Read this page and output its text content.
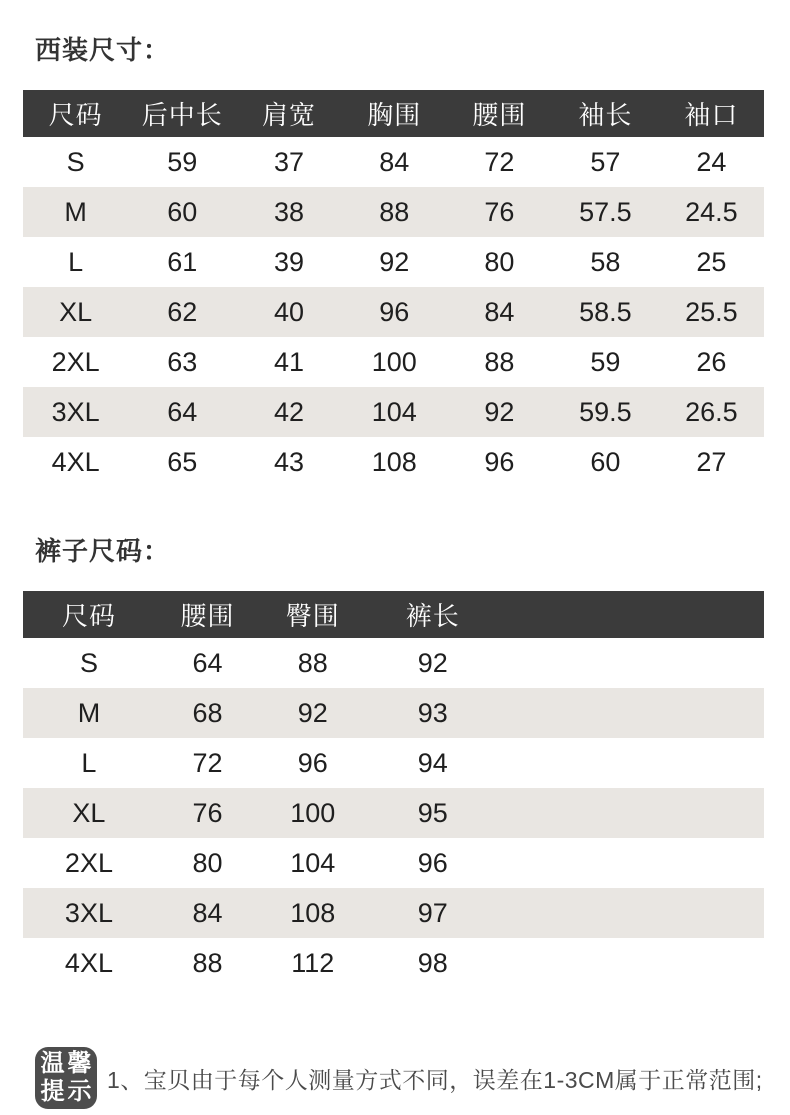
西装尺寸：
尺码	后中长	肩宽	胸围	腰围	袖长	袖口
S	59	37	84	72	57	24
M	60	38	88	76	57.5	24.5
L	61	39	92	80	58	25
XL	62	40	96	84	58.5	25.5
2XL	63	41	100	88	59	26
3XL	64	42	104	92	59.5	26.5
4XL	65	43	108	96	60	27
裤子尺码：
尺码	腰围	臀围	裤长	
S	64	88	92	
M	68	92	93	
L	72	96	94	
XL	76	100	95	
2XL	80	104	96	
3XL	84	108	97	
4XL	88	112	98	
温馨
提示 1、宝贝由于每个人测量方式不同，误差在1-3CM属于正常范围;
